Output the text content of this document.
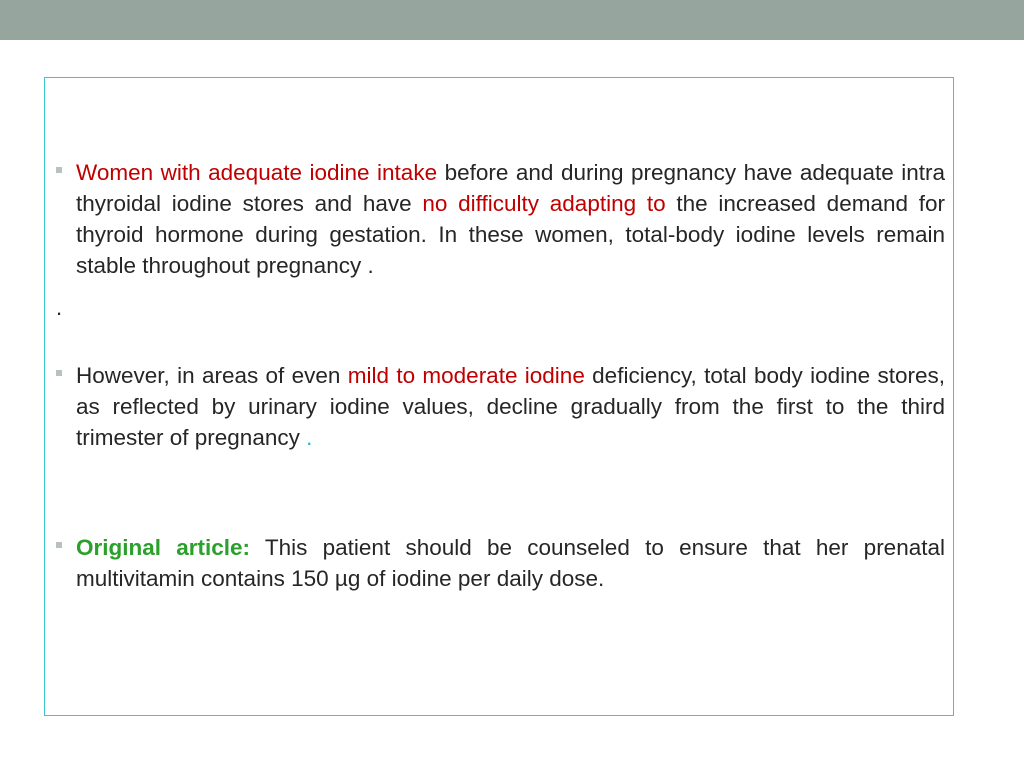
Women with adequate iodine intake before and during pregnancy have adequate intra thyroidal iodine stores and have no difficulty adapting to the increased demand for thyroid hormone during gestation. In these women, total-body iodine levels remain stable throughout pregnancy .

.

However, in areas of even mild to moderate iodine deficiency, total body iodine stores, as reflected by urinary iodine values, decline gradually from the first to the third trimester of pregnancy .

Original article: This patient should be counseled to ensure that her prenatal multivitamin contains 150 µg of iodine per daily dose.
